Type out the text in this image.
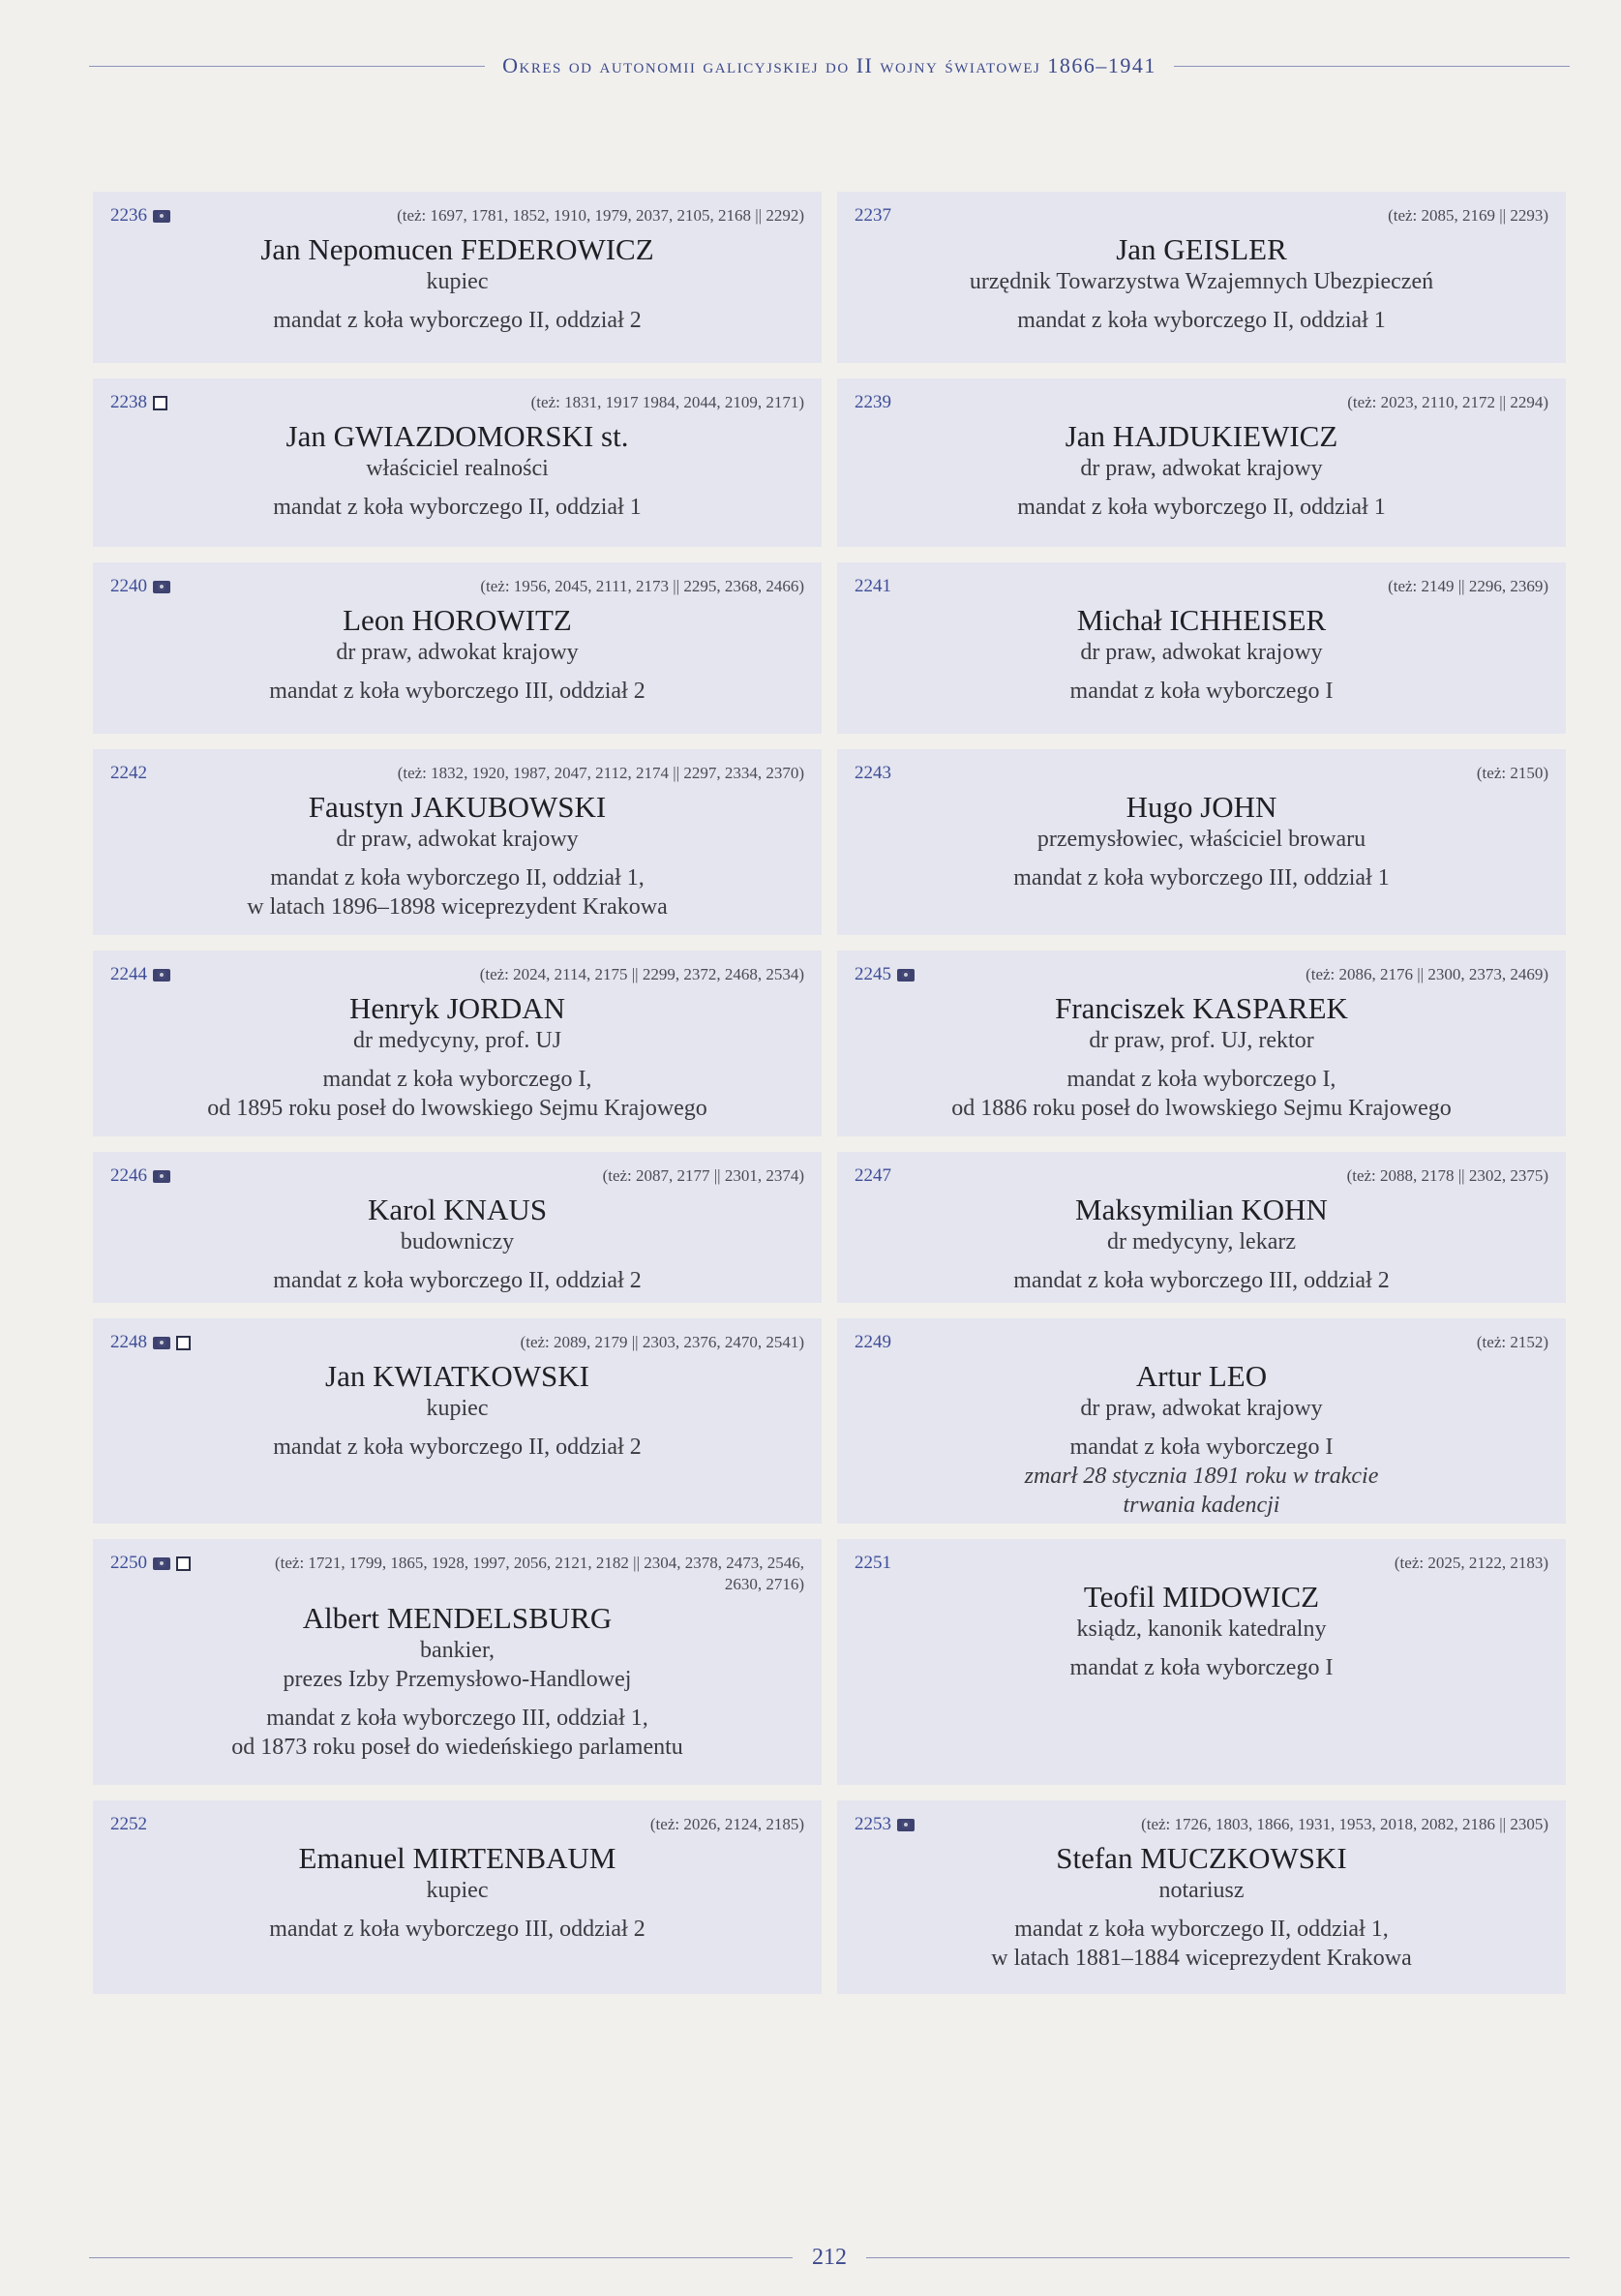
Okres od autonomii galicyjskiej do II wojny światowej 1866–1941
2236	(też: 1697, 1781, 1852, 1910, 1979, 2037, 2105, 2168 || 2292)
Jan Nepomucen FEDEROWICZ
kupiec
mandat z koła wyborczego II, oddział 2
2237	(też: 2085, 2169 || 2293)
Jan GEISLER
urzędnik Towarzystwa Wzajemnych Ubezpieczeń
mandat z koła wyborczego II, oddział 1
2238	(też: 1831, 1917 1984, 2044, 2109, 2171)
Jan GWIAZDOMORSKI st.
właściciel realności
mandat z koła wyborczego II, oddział 1
2239	(też: 2023, 2110, 2172 || 2294)
Jan HAJDUKIEWICZ
dr praw, adwokat krajowy
mandat z koła wyborczego II, oddział 1
2240	(też: 1956, 2045, 2111, 2173 || 2295, 2368, 2466)
Leon HOROWITZ
dr praw, adwokat krajowy
mandat z koła wyborczego III, oddział 2
2241	(też: 2149 || 2296, 2369)
Michał ICHHEISER
dr praw, adwokat krajowy
mandat z koła wyborczego I
2242	(też: 1832, 1920, 1987, 2047, 2112, 2174 || 2297, 2334, 2370)
Faustyn JAKUBOWSKI
dr praw, adwokat krajowy
mandat z koła wyborczego II, oddział 1,
w latach 1896–1898 wiceprezydent Krakowa
2243	(też: 2150)
Hugo JOHN
przemysłowiec, właściciel browaru
mandat z koła wyborczego III, oddział 1
2244	(też: 2024, 2114, 2175 || 2299, 2372, 2468, 2534)
Henryk JORDAN
dr medycyny, prof. UJ
mandat z koła wyborczego I,
od 1895 roku poseł do lwowskiego Sejmu Krajowego
2245	(też: 2086, 2176 || 2300, 2373, 2469)
Franciszek KASPAREK
dr praw, prof. UJ, rektor
mandat z koła wyborczego I,
od 1886 roku poseł do lwowskiego Sejmu Krajowego
2246	(też: 2087, 2177 || 2301, 2374)
Karol KNAUS
budowniczy
mandat z koła wyborczego II, oddział 2
2247	(też: 2088, 2178 || 2302, 2375)
Maksymilian KOHN
dr medycyny, lekarz
mandat z koła wyborczego III, oddział 2
2248	(też: 2089, 2179 || 2303, 2376, 2470, 2541)
Jan KWIATKOWSKI
kupiec
mandat z koła wyborczego II, oddział 2
2249	(też: 2152)
Artur LEO
dr praw, adwokat krajowy
mandat z koła wyborczego I
zmarł 28 stycznia 1891 roku w trakcie
trwania kadencji
2250	(też: 1721, 1799, 1865, 1928, 1997, 2056, 2121, 2182 || 2304, 2378, 2473, 2546, 2630, 2716)
Albert MENDELSBURG
bankier,
prezes Izby Przemysłowo-Handlowej
mandat z koła wyborczego III, oddział 1,
od 1873 roku poseł do wiedeńskiego parlamentu
2251	(też: 2025, 2122, 2183)
Teofil MIDOWICZ
ksiądz, kanonik katedralny
mandat z koła wyborczego I
2252	(też: 2026, 2124, 2185)
Emanuel MIRTENBAUM
kupiec
mandat z koła wyborczego III, oddział 2
2253	(też: 1726, 1803, 1866, 1931, 1953, 2018, 2082, 2186 || 2305)
Stefan MUCZKOWSKI
notariusz
mandat z koła wyborczego II, oddział 1,
w latach 1881–1884 wiceprezydent Krakowa
212
